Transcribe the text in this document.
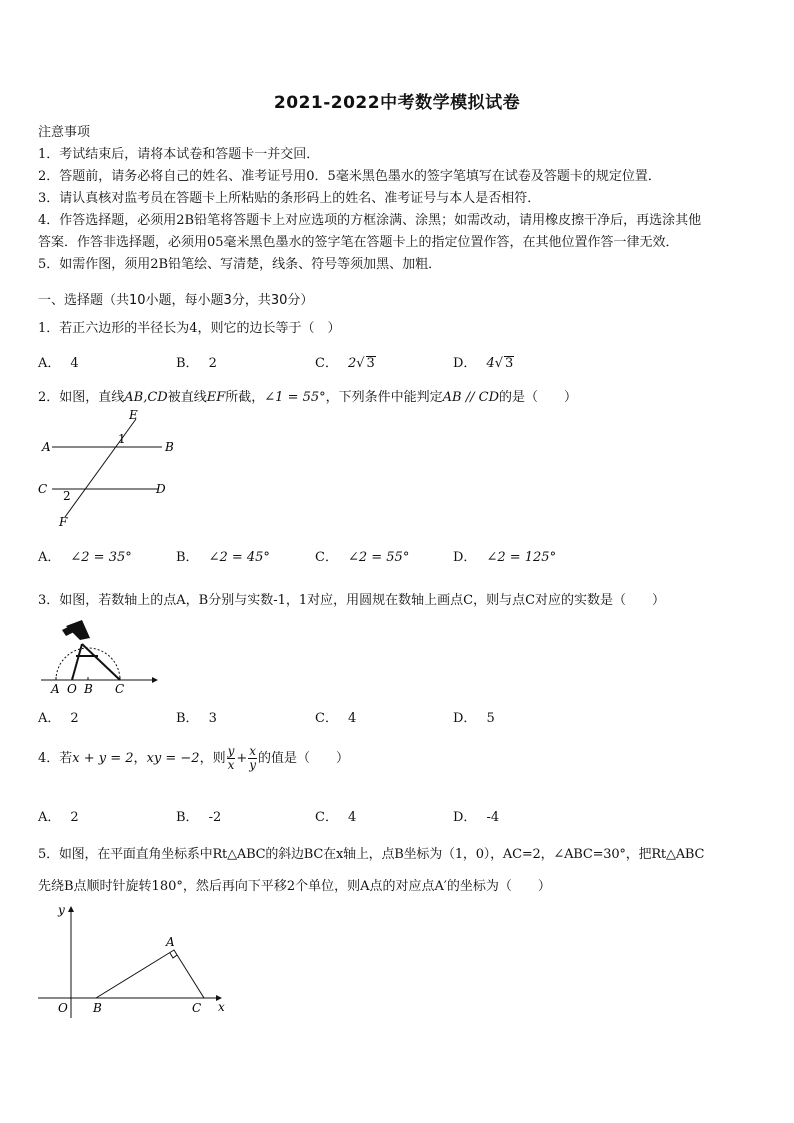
2021-2022中考数学模拟试卷
注意事项
1．考试结束后，请将本试卷和答题卡一并交回．
2．答题前，请务必将自己的姓名、准考证号用0．5毫米黑色墨水的签字笔填写在试卷及答题卡的规定位置．
3．请认真核对监考员在答题卡上所粘贴的条形码上的姓名、准考证号与本人是否相符．
4．作答选择题，必须用2B铅笔将答题卡上对应选项的方框涂满、涂黑；如需改动，请用橡皮擦干净后，再选涂其他
答案．作答非选择题，必须用05毫米黑色墨水的签字笔在答题卡上的指定位置作答，在其他位置作答一律无效．
5．如需作图，须用2B铅笔绘、写清楚，线条、符号等须加黑、加粗．
一、选择题（共10小题，每小题3分，共30分）
1．若正六边形的半径长为4，则它的边长等于（　）
A． 4	B． 2	C． 2√ 3	D． 4√ 3
2．如图，直线AB,CD被直线EF所截，∠1 = 55°，下列条件中能判定AB // CD的是（　　）
E
A	B
1
C	D
2
F
A． ∠2 = 35°	B． ∠2 = 45°	C． ∠2 = 55°	D． ∠2 = 125°
3．如图，若数轴上的点A，B分别与实数-1，1对应，用圆规在数轴上画点C，则与点C对应的实数是（　　）
A O B C
A． 2	B． 3	C． 4	D． 5
4．若x + y = 2，xy = −2，则 $\frac{y}{x} + \frac{x}{y}$ 的值是（　　）
A． 2	B． -2	C． 4	D． -4
5．如图，在平面直角坐标系中Rt△ABC的斜边BC在x轴上，点B坐标为（1，0），AC=2，∠ABC=30°，把Rt△ABC
先绕B点顺时针旋转180°，然后再向下平移2个单位，则A点的对应点A′的坐标为（　　）
y
x
O B	C
A
